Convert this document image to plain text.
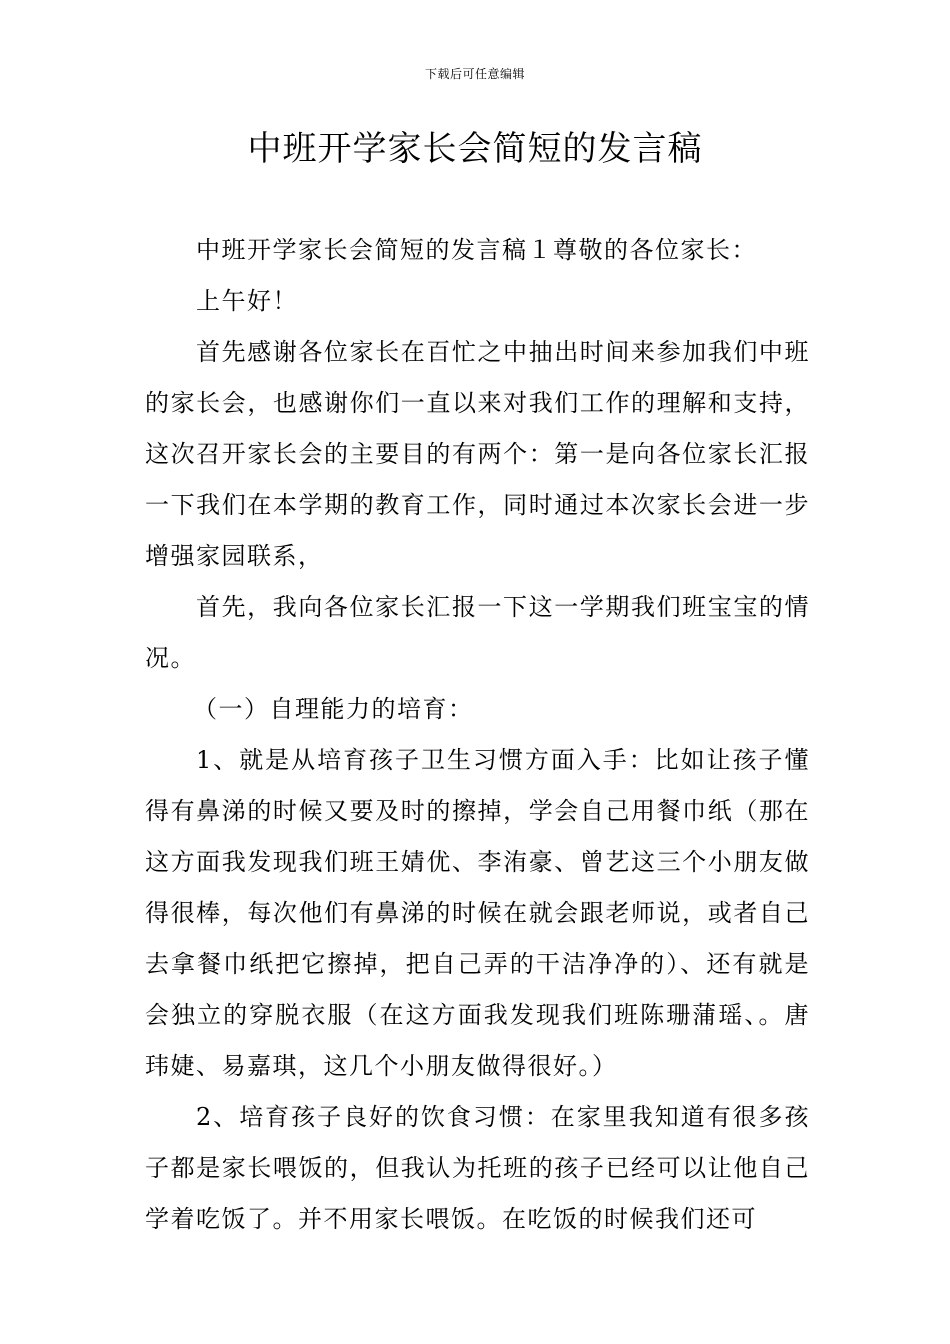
下载后可任意编辑
中班开学家长会简短的发言稿

中班开学家长会简短的发言稿１尊敬的各位家长：

上午好！

首先感谢各位家长在百忙之中抽出时间来参加我们中班的家长会，也感谢你们一直以来对我们工作的理解和支持，这次召开家长会的主要目的有两个：第一是向各位家长汇报一下我们在本学期的教育工作，同时通过本次家长会进一步增强家园联系，

首先，我向各位家长汇报一下这一学期我们班宝宝的情况。

（一）自理能力的培育：

1、就是从培育孩子卫生习惯方面入手：比如让孩子懂得有鼻涕的时候又要及时的擦掉，学会自己用餐巾纸（那在这方面我发现我们班王婧优、李洧豪、曾艺这三个小朋友做得很棒，每次他们有鼻涕的时候在就会跟老师说，或者自己去拿餐巾纸把它擦掉，把自己弄的干洁净净的）、还有就是会独立的穿脱衣服（在这方面我发现我们班陈珊蒲瑶、。唐玮婕、易嘉琪，这几个小朋友做得很好。）

2、培育孩子良好的饮食习惯：在家里我知道有很多孩子都是家长喂饭的，但我认为托班的孩子已经可以让他自己学着吃饭了。并不用家长喂饭。在吃饭的时候我们还可
